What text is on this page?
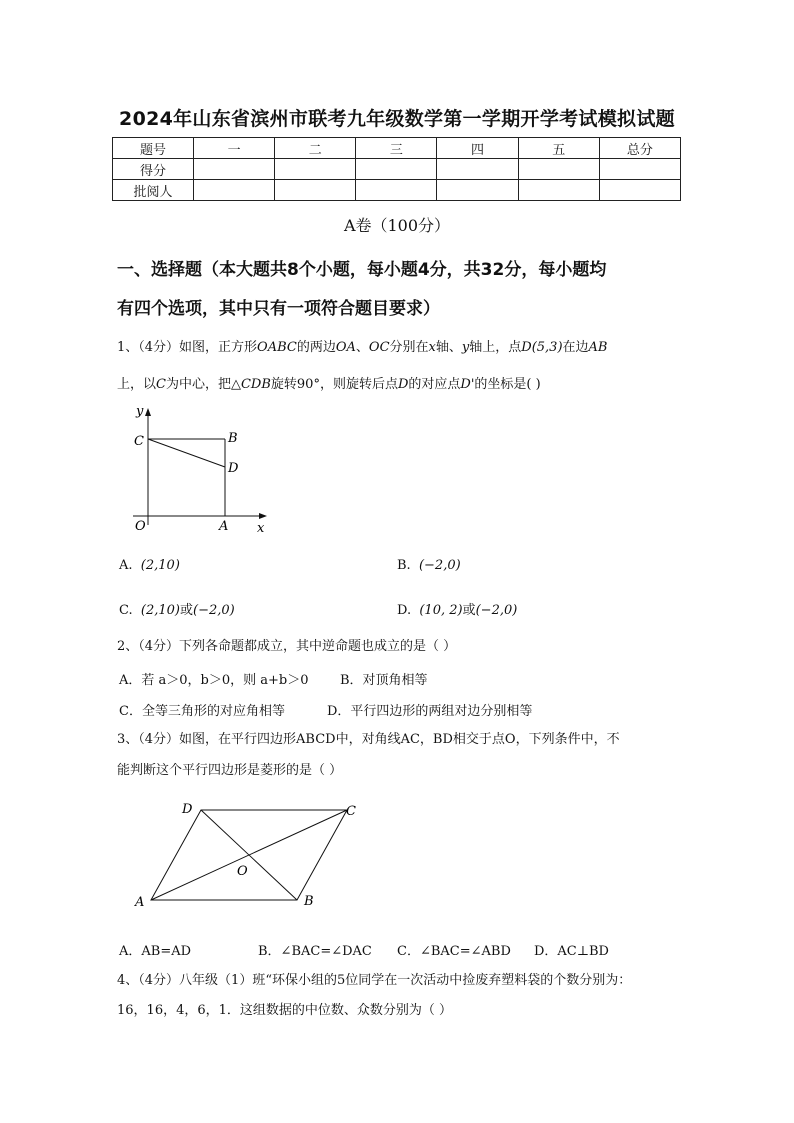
2024年山东省滨州市联考九年级数学第一学期开学考试模拟试题
题号	一	二	三	四	五	总分
得分						
批阅人						
A卷（100分）
一、选择题（本大题共8个小题，每小题4分，共32分，每小题均
有四个选项，其中只有一项符合题目要求）
1、（4分）如图，正方形OABC的两边OA、OC分别在x轴、y轴上，点D(5,3)在边AB
上，以C为中心，把△CDB旋转90°，则旋转后点D的对应点D'的坐标是( )
y
C	B
D
O	A x
A. (2,10)	B. (−2,0)
C. (2,10)或(−2,0)	D. (10, 2)或(−2,0)
2、（4分）下列各命题都成立，其中逆命题也成立的是（ ）
A．若 a＞0，b＞0，则 a+b＞0 B．对顶角相等
C．全等三角形的对应角相等	D．平行四边形的两组对边分别相等
3、（4分）如图，在平行四边形ABCD中，对角线AC，BD相交于点O，下列条件中，不
能判断这个平行四边形是菱形的是（ ）
D	C
O
A	B
A．AB=AD	B．∠BAC=∠DAC C．∠BAC=∠ABD D．AC⊥BD
4、（4分）八年级（1）班“环保小组的5位同学在一次活动中捡废弃塑料袋的个数分别为：
16，16，4，6，1．这组数据的中位数、众数分别为（ ）
